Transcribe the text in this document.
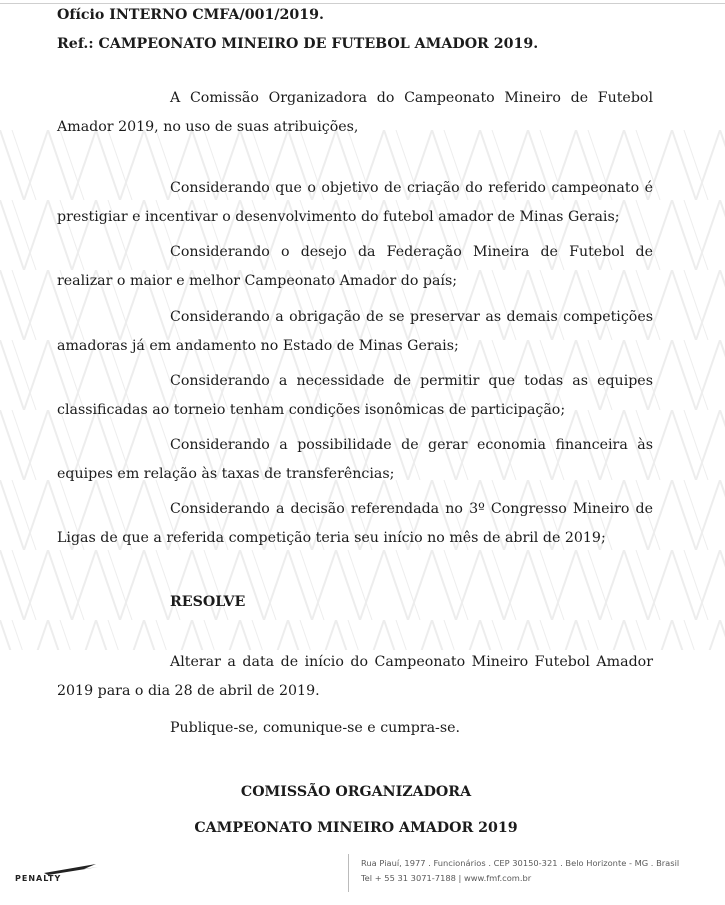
Ofício INTERNO CMFA/001/2019.
Ref.: CAMPEONATO MINEIRO DE FUTEBOL AMADOR 2019.
A Comissão Organizadora do Campeonato Mineiro de Futebol Amador 2019, no uso de suas atribuições,
Considerando que o objetivo de criação do referido campeonato é prestigiar e incentivar o desenvolvimento do futebol amador de Minas Gerais;
Considerando o desejo da Federação Mineira de Futebol de realizar o maior e melhor Campeonato Amador do país;
Considerando a obrigação de se preservar as demais competições amadoras já em andamento no Estado de Minas Gerais;
Considerando a necessidade de permitir que todas as equipes classificadas ao torneio tenham condições isonômicas de participação;
Considerando a possibilidade de gerar economia financeira às equipes em relação às taxas de transferências;
Considerando a decisão referendada no 3º Congresso Mineiro de Ligas de que a referida competição teria seu início no mês de abril de 2019;
RESOLVE
Alterar a data de início do Campeonato Mineiro Futebol Amador 2019 para o dia 28 de abril de 2019.
Publique-se, comunique-se e cumpra-se.
COMISSÃO ORGANIZADORA
CAMPEONATO MINEIRO AMADOR 2019
PENALTY
Rua Piauí, 1977 . Funcionários . CEP 30150-321 . Belo Horizonte - MG . Brasil
Tel + 55 31 3071-7188 | www.fmf.com.br
